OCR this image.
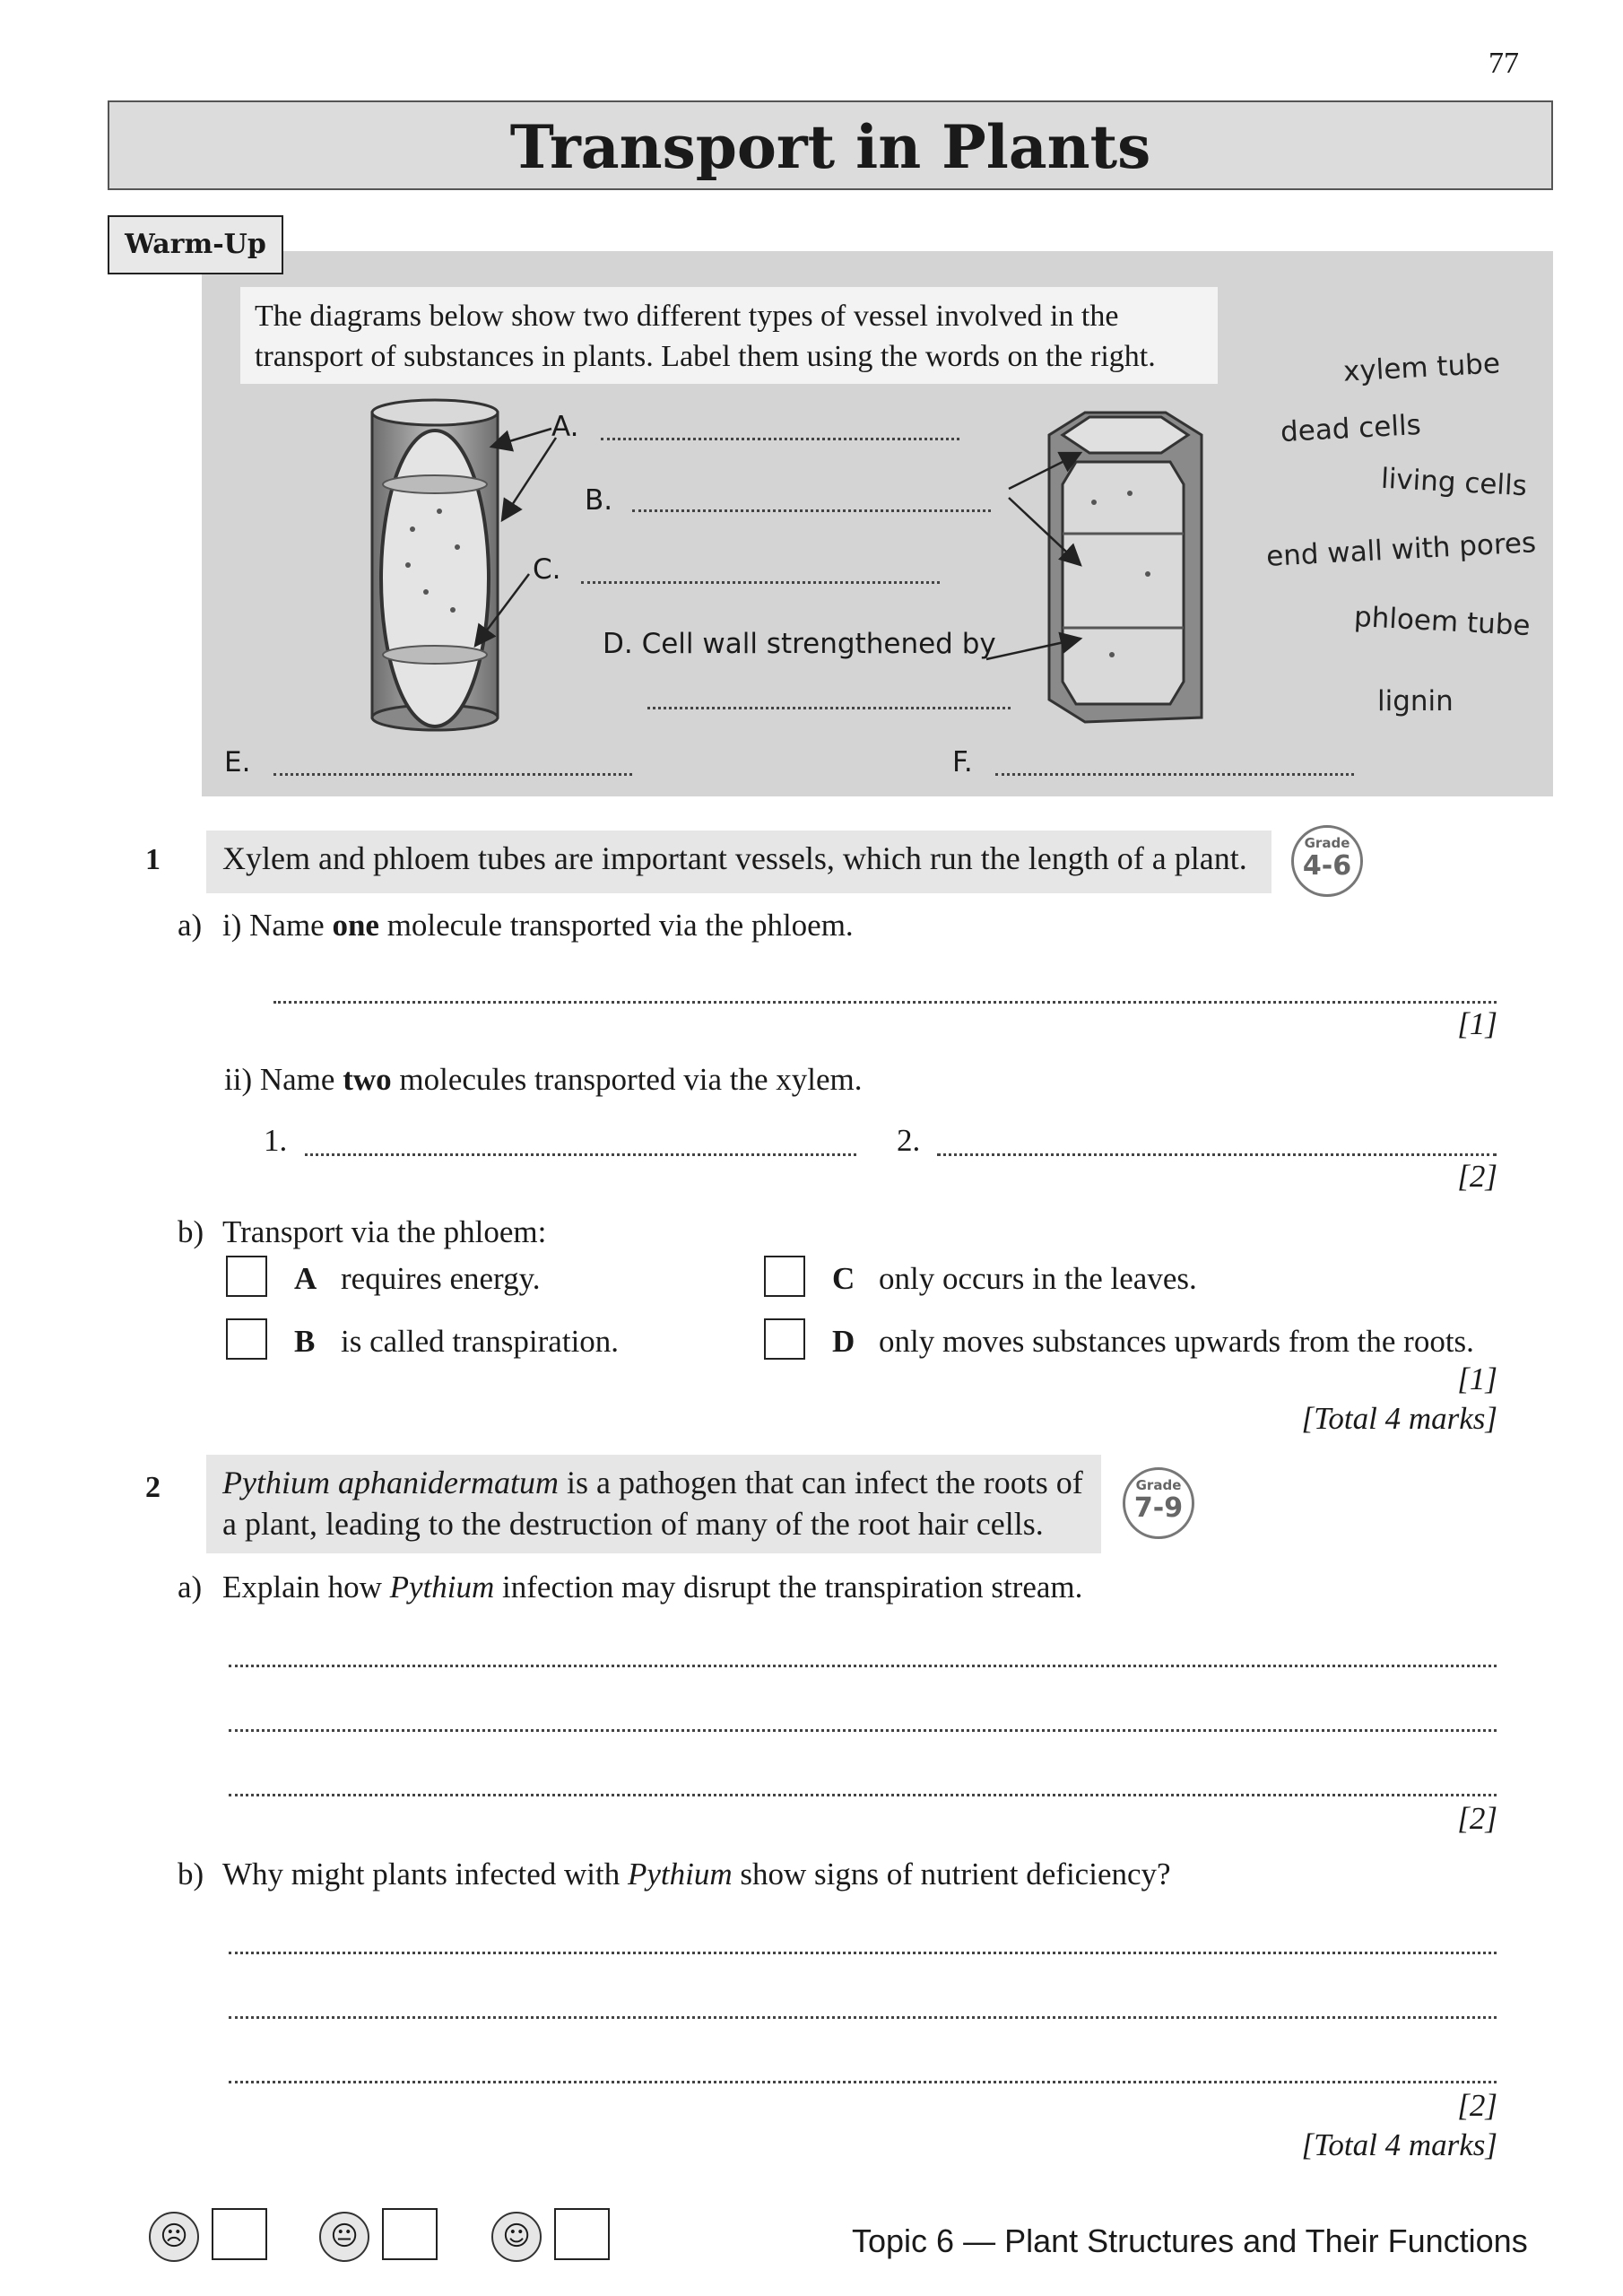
77
Transport in Plants
Warm-Up
The diagrams below show two different types of vessel involved in the transport of substances in plants. Label them using the words on the right.
A.
B.
C.
D. Cell wall strengthened by
E.	F.
xylem tube
dead cells
living cells
end wall with pores
phloem tube
lignin
1	Xylem and phloem tubes are important vessels, which run the length of a plant.	Grade
4-6
a) i) Name one molecule transported via the phloem.
[1]
ii) Name two molecules transported via the xylem.
1.	2.
[2]
b) Transport via the phloem:
A requires energy.	C only occurs in the leaves.
B is called transpiration.	D only moves substances upwards from the roots.
[1]
[Total 4 marks]
2	Pythium aphanidermatum is a pathogen that can infect the roots of
a plant, leading to the destruction of many of the root hair cells.
Grade
7-9
a) Explain how Pythium infection may disrupt the transpiration stream.
[2]
b) Why might plants infected with Pythium show signs of nutrient deficiency?
[2]
[Total 4 marks]
☹	😐	☺	Topic 6 — Plant Structures and Their Functions
